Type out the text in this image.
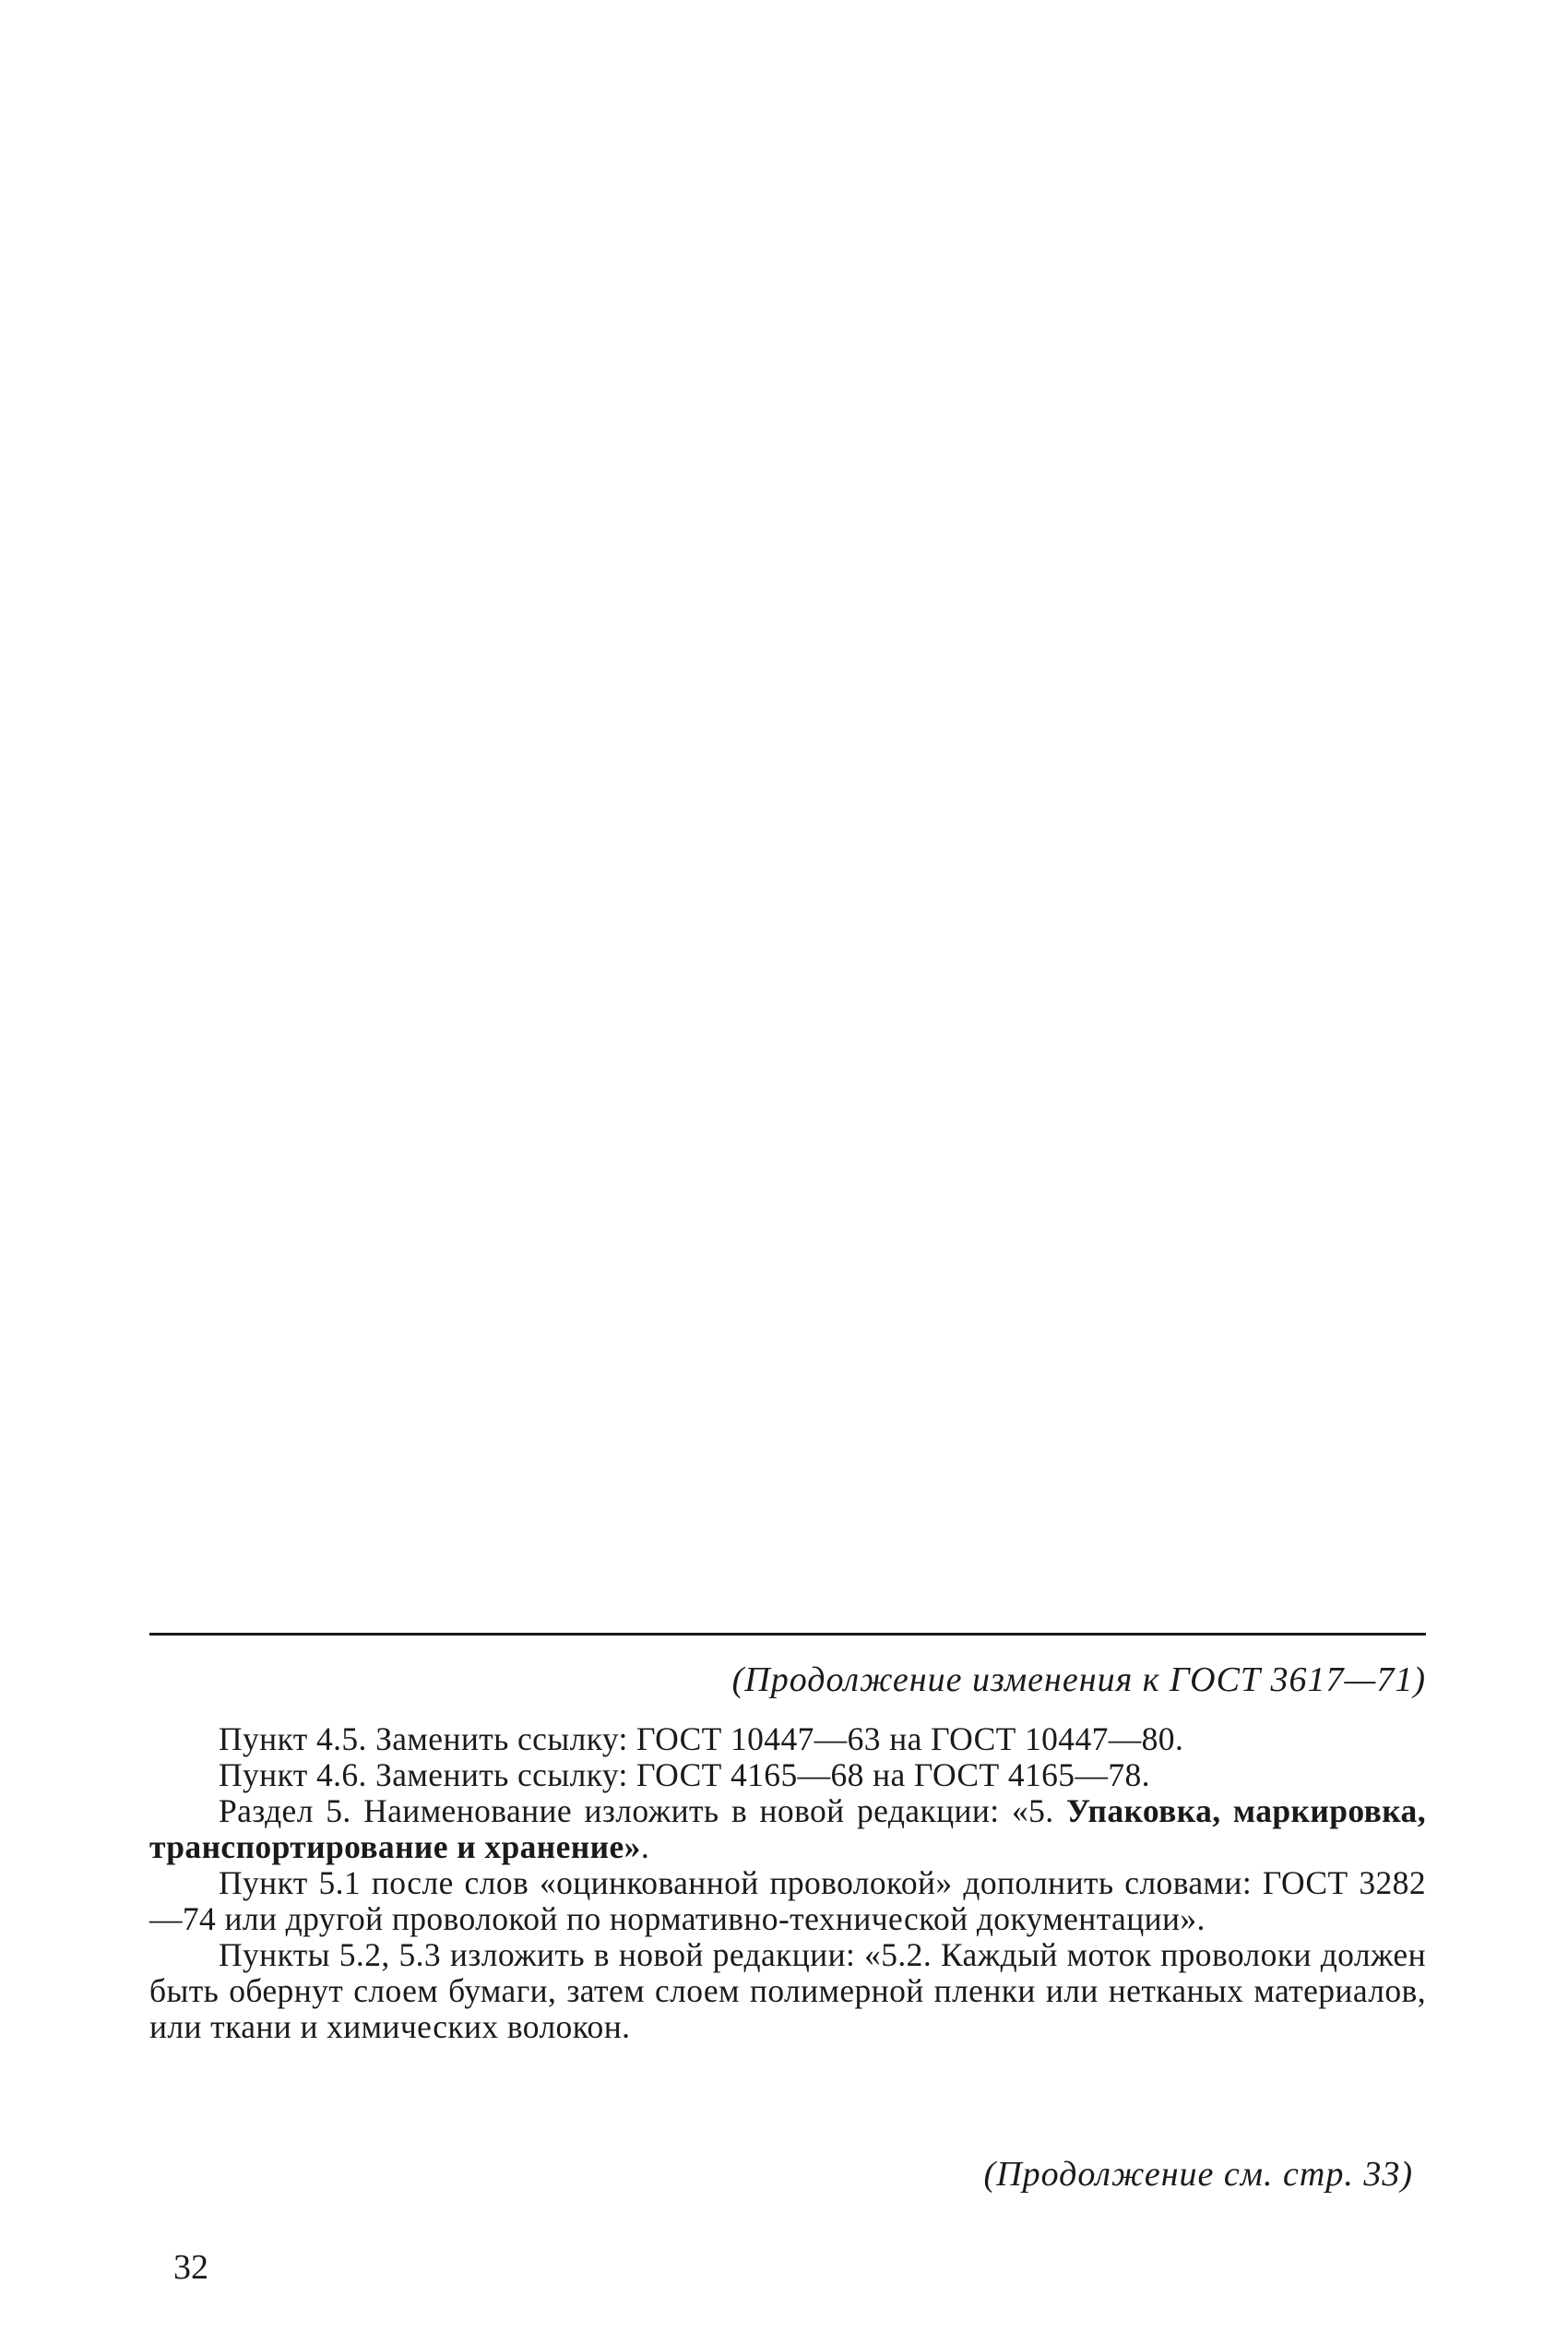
(Продолжение изменения к ГОСТ 3617—71)

Пункт 4.5. Заменить ссылку: ГОСТ 10447—63 на ГОСТ 10447—80.

Пункт 4.6. Заменить ссылку: ГОСТ 4165—68 на ГОСТ 4165—78.

Раздел 5. Наименование изложить в новой редакции: «5. Упаковка, маркировка, транспортирование и хранение».

Пункт 5.1 после слов «оцинкованной проволокой» дополнить словами: ГОСТ 3282—74 или другой проволокой по нормативно-технической документации».

Пункты 5.2, 5.3 изложить в новой редакции: «5.2. Каждый моток проволоки должен быть обернут слоем бумаги, затем слоем полимерной пленки или нетканых материалов, или ткани и химических волокон.

(Продолжение см. стр. 33)
32
